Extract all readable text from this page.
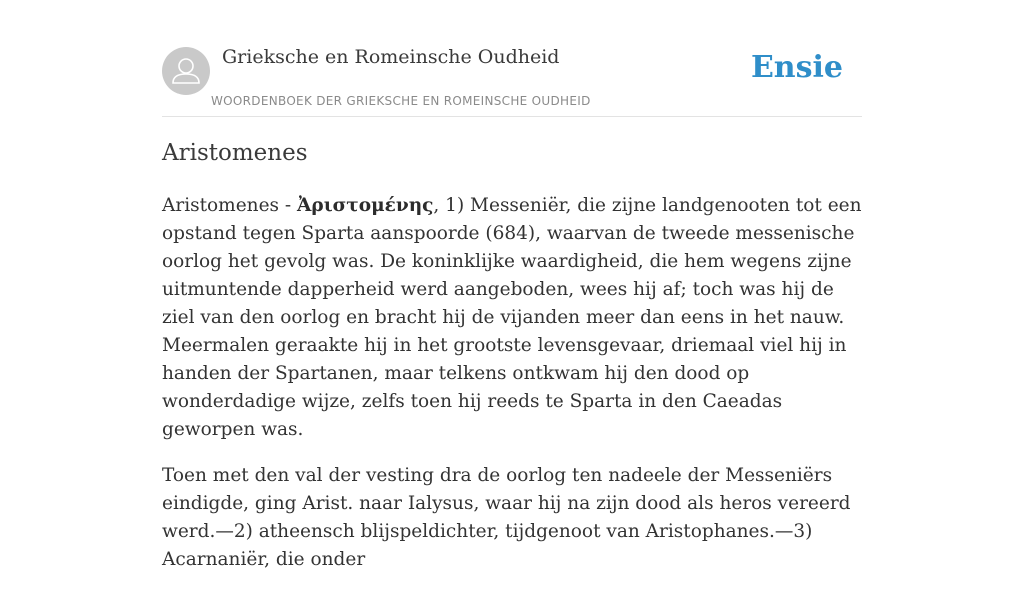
Grieksche en Romeinsche Oudheid
WOORDENBOEK DER GRIEKSCHE EN ROMEINSCHE OUDHEID
Ensie
Aristomenes

Aristomenes - Ἀριστομένης, 1) Messeniër, die zijne landgenooten tot een opstand tegen Sparta aanspoorde (684), waarvan de tweede messenische oorlog het gevolg was. De koninklijke waardigheid, die hem wegens zijne uitmuntende dapperheid werd aangeboden, wees hij af; toch was hij de ziel van den oorlog en bracht hij de vijanden meer dan eens in het nauw. Meermalen geraakte hij in het grootste levensgevaar, driemaal viel hij in handen der Spartanen, maar telkens ontkwam hij den dood op wonderdadige wijze, zelfs toen hij reeds te Sparta in den Caeadas geworpen was.

Toen met den val der vesting dra de oorlog ten nadeele der Messeniërs eindigde, ging Arist. naar Ialysus, waar hij na zijn dood als heros vereerd werd.—2) atheensch blijspeldichter, tijdgenoot van Aristophanes.—3) Acarnaniër, die onder
